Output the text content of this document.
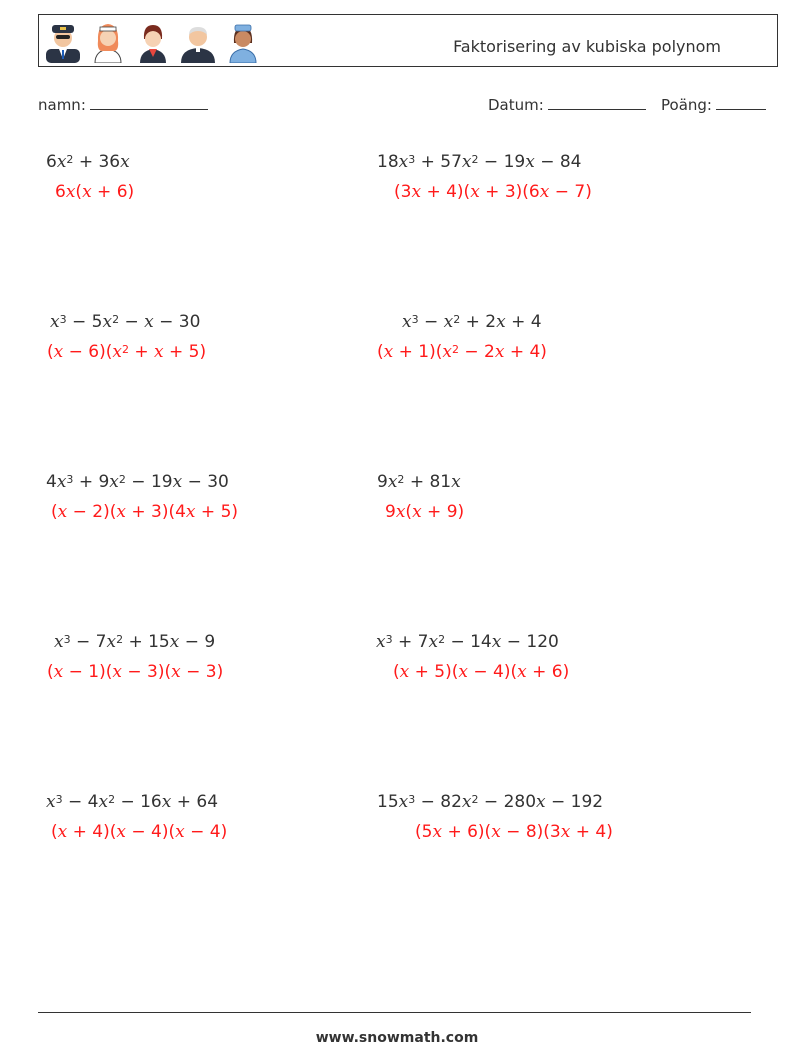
Faktorisering av kubiska polynom
namn:	Datum:	Poäng:
$6x^2 + 36x$
6x(x + 6)
$18x^3 + 57x^2 - 19x - 84$
(3x + 4)(x + 3)(6x − 7)
$x^3 - 5x^2 - x - 30$
$(x - 6)(x^2 + x + 5)$
$x^3 - x^2 + 2x + 4$
$(x + 1)(x^2 - 2x + 4)$
$4x^3 + 9x^2 - 19x - 30$
(x − 2)(x + 3)(4x + 5)
$9x^2 + 81x$
9x(x + 9)
$x^3 - 7x^2 + 15x - 9$
(x − 1)(x − 3)(x − 3)
$x^3 + 7x^2 - 14x - 120$
(x + 5)(x − 4)(x + 6)
$x^3 - 4x^2 - 16x + 64$
(x + 4)(x − 4)(x − 4)
$15x^3 - 82x^2 - 280x - 192$
(5x + 6)(x − 8)(3x + 4)
www.snowmath.com
